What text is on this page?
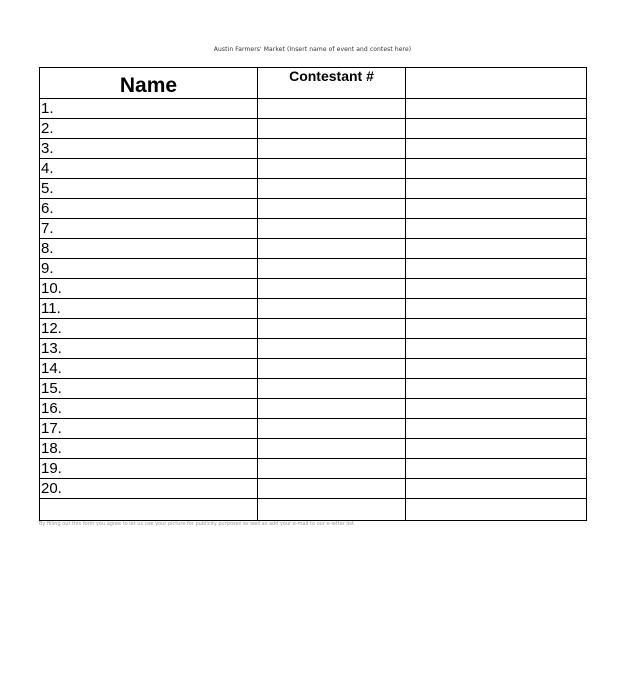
Austin Farmers' Market (Insert name of event and contest here)
Name	Contestant #	
1.		
2.		
3.		
4.		
5.		
6.		
7.		
8.		
9.		
10.		
11.		
12.		
13.		
14.		
15.		
16.		
17.		
18.		
19.		
20.		

By filling out this form you agree to let us use your picture for publicity purposes as well as add your e-mail to our e-letter list.
